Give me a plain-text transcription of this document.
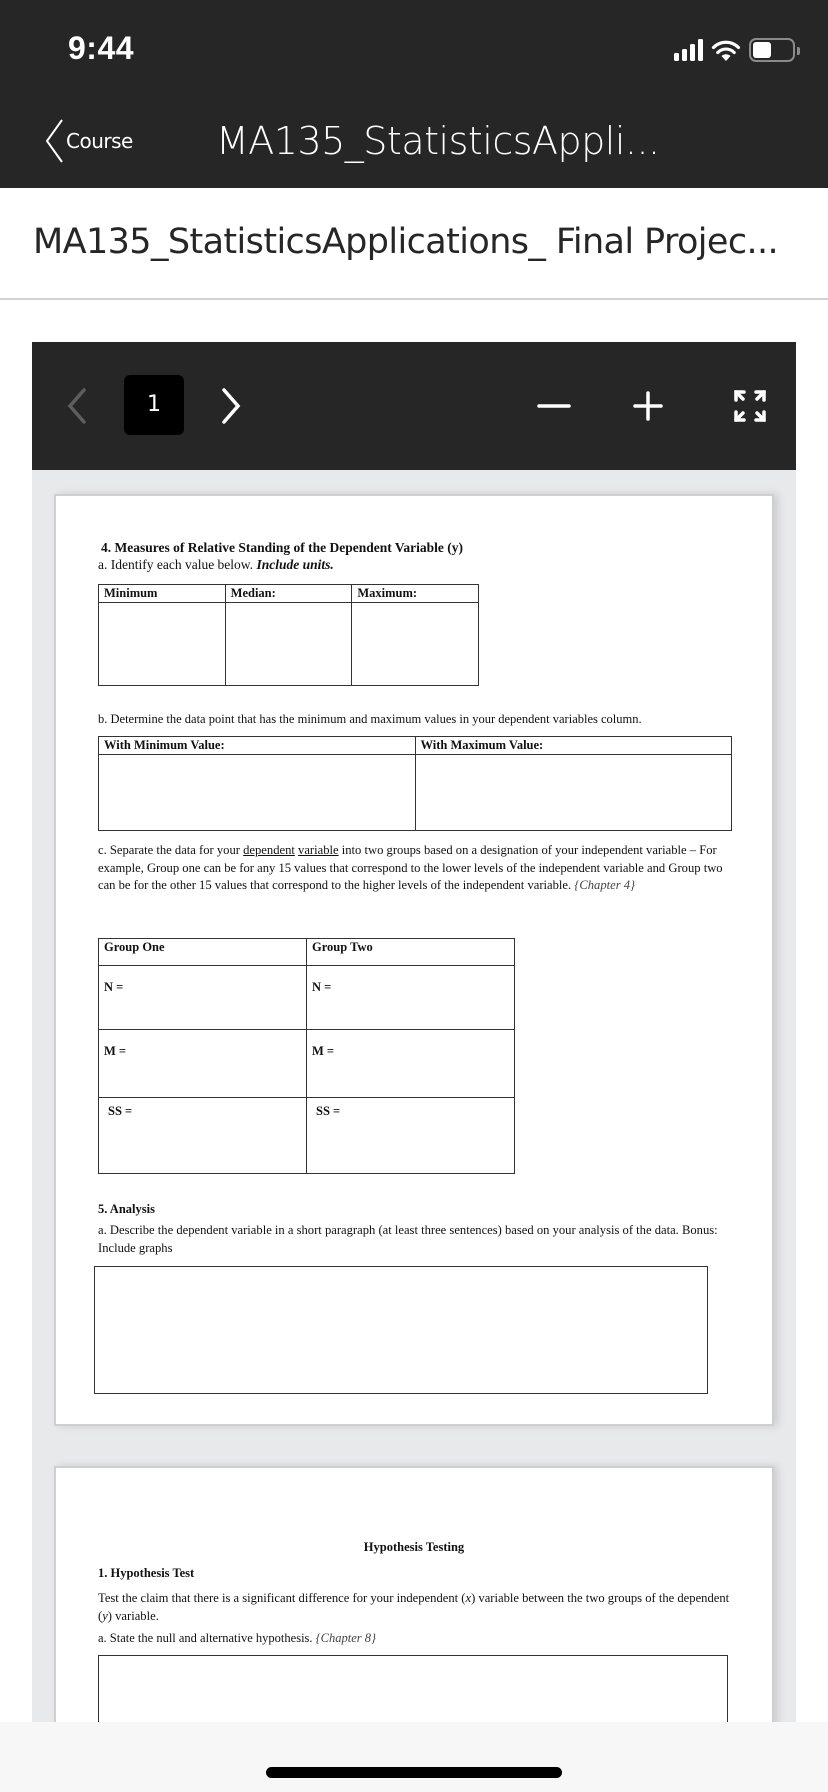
9:44
Course MA135_StatisticsAppli...
MA135_StatisticsApplications_ Final Projec...
1
4. Measures of Relative Standing of the Dependent Variable (y)
a. Identify each value below. Include units.
Minimum	Median:	Maximum:

b. Determine the data point that has the minimum and maximum values in your dependent variables column.
With Minimum Value:	With Maximum Value:

c. Separate the data for your dependent variable into two groups based on a designation of your independent variable – For example, Group one can be for any 15 values that correspond to the lower levels of the independent variable and Group two can be for the other 15 values that correspond to the higher levels of the independent variable. {Chapter 4}
Group One	Group Two
N =	N =
M =	M =
SS =	SS =
5. Analysis
a. Describe the dependent variable in a short paragraph (at least three sentences) based on your analysis of the data. Bonus: Include graphs
Hypothesis Testing
1. Hypothesis Test
Test the claim that there is a significant difference for your independent (x) variable between the two groups of the dependent (y) variable.
a. State the null and alternative hypothesis. {Chapter 8}
